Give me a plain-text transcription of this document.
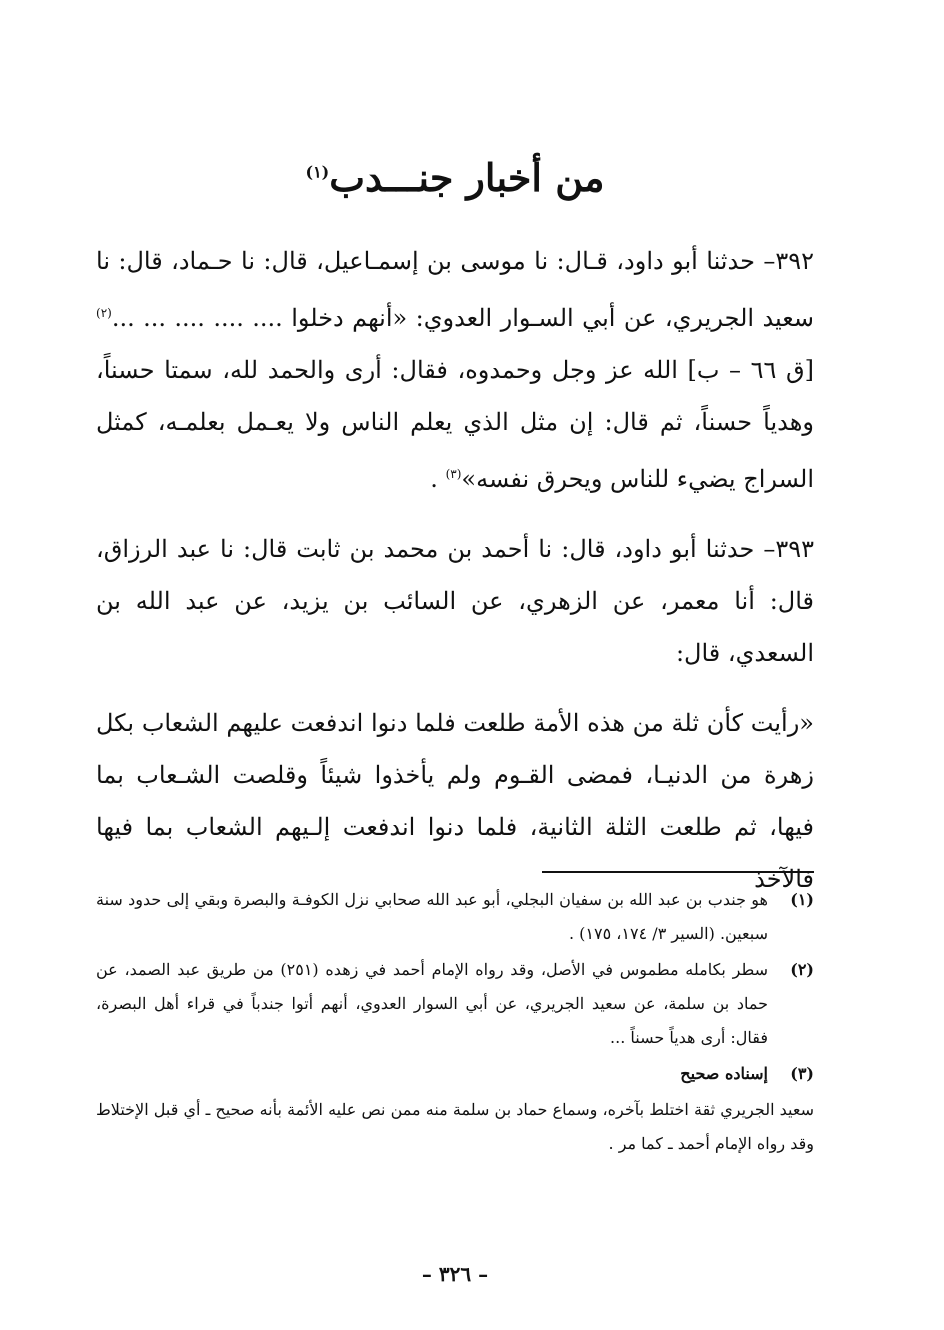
من أخبار جنـــدب$^{(١)}$

٣٩٢– حدثنا أبو داود، قـال: نا موسى بن إسمـاعيل، قال: نا حـماد، قال: نا سعيد الجريري، عن أبي السـوار العدوي: «أنهم دخلوا .... .... .... ... ...$^{(٢)}$ [ق ٦٦ – ب] الله عز وجل وحمدوه، فقال: أرى والحمد لله، سمتا حسناً، وهدياً حسناً، ثم قال: إن مثل الذي يعلم الناس ولا يعـمل بعلمـه، كمثل السراج يضيء للناس ويحرق نفسه»$^{(٣)}$ .

٣٩٣– حدثنا أبو داود، قال: نا أحمد بن محمد بن ثابت قال: نا عبد الرزاق، قال: أنا معمر، عن الزهري، عن السائب بن يزيد، عن عبد الله بن السعدي، قال:

«رأيت كأن ثلة من هذه الأمة طلعت فلما دنوا اندفعت عليهم الشعاب بكل زهرة من الدنيـا، فمضى القـوم ولم يأخذوا شيئاً وقلصت الشـعاب بما فيها، ثم طلعت الثلة الثانية، فلما دنوا اندفعت إلـيهم الشعاب بما فيها فالآخذ

(١)
هو جندب بن عبد الله بن سفيان البجلي، أبو عبد الله صحابي نزل الكوفـة والبصرة وبقي إلى حدود سنة سبعين. (السير ٣/ ١٧٤، ١٧٥) .
(٢)
سطر بكامله مطموس في الأصل، وقد رواه الإمام أحمد في زهده (٢٥١) من طريق عبد الصمد، عن حماد بن سلمة، عن سعيد الجريري، عن أبي السوار العدوي، أنهم أتوا جندباً في قراء أهل البصرة، فقال: أرى هدياً حسناً ...
(٣)
إسناده صحيح

سعيد الجريري ثقة اختلط بآخره، وسماع حماد بن سلمة منه ممن نص عليه الأئمة بأنه صحيح ـ أي قبل الإختلاط وقد رواه الإمام أحمد ـ كما مر .

– ٣٢٦ –
